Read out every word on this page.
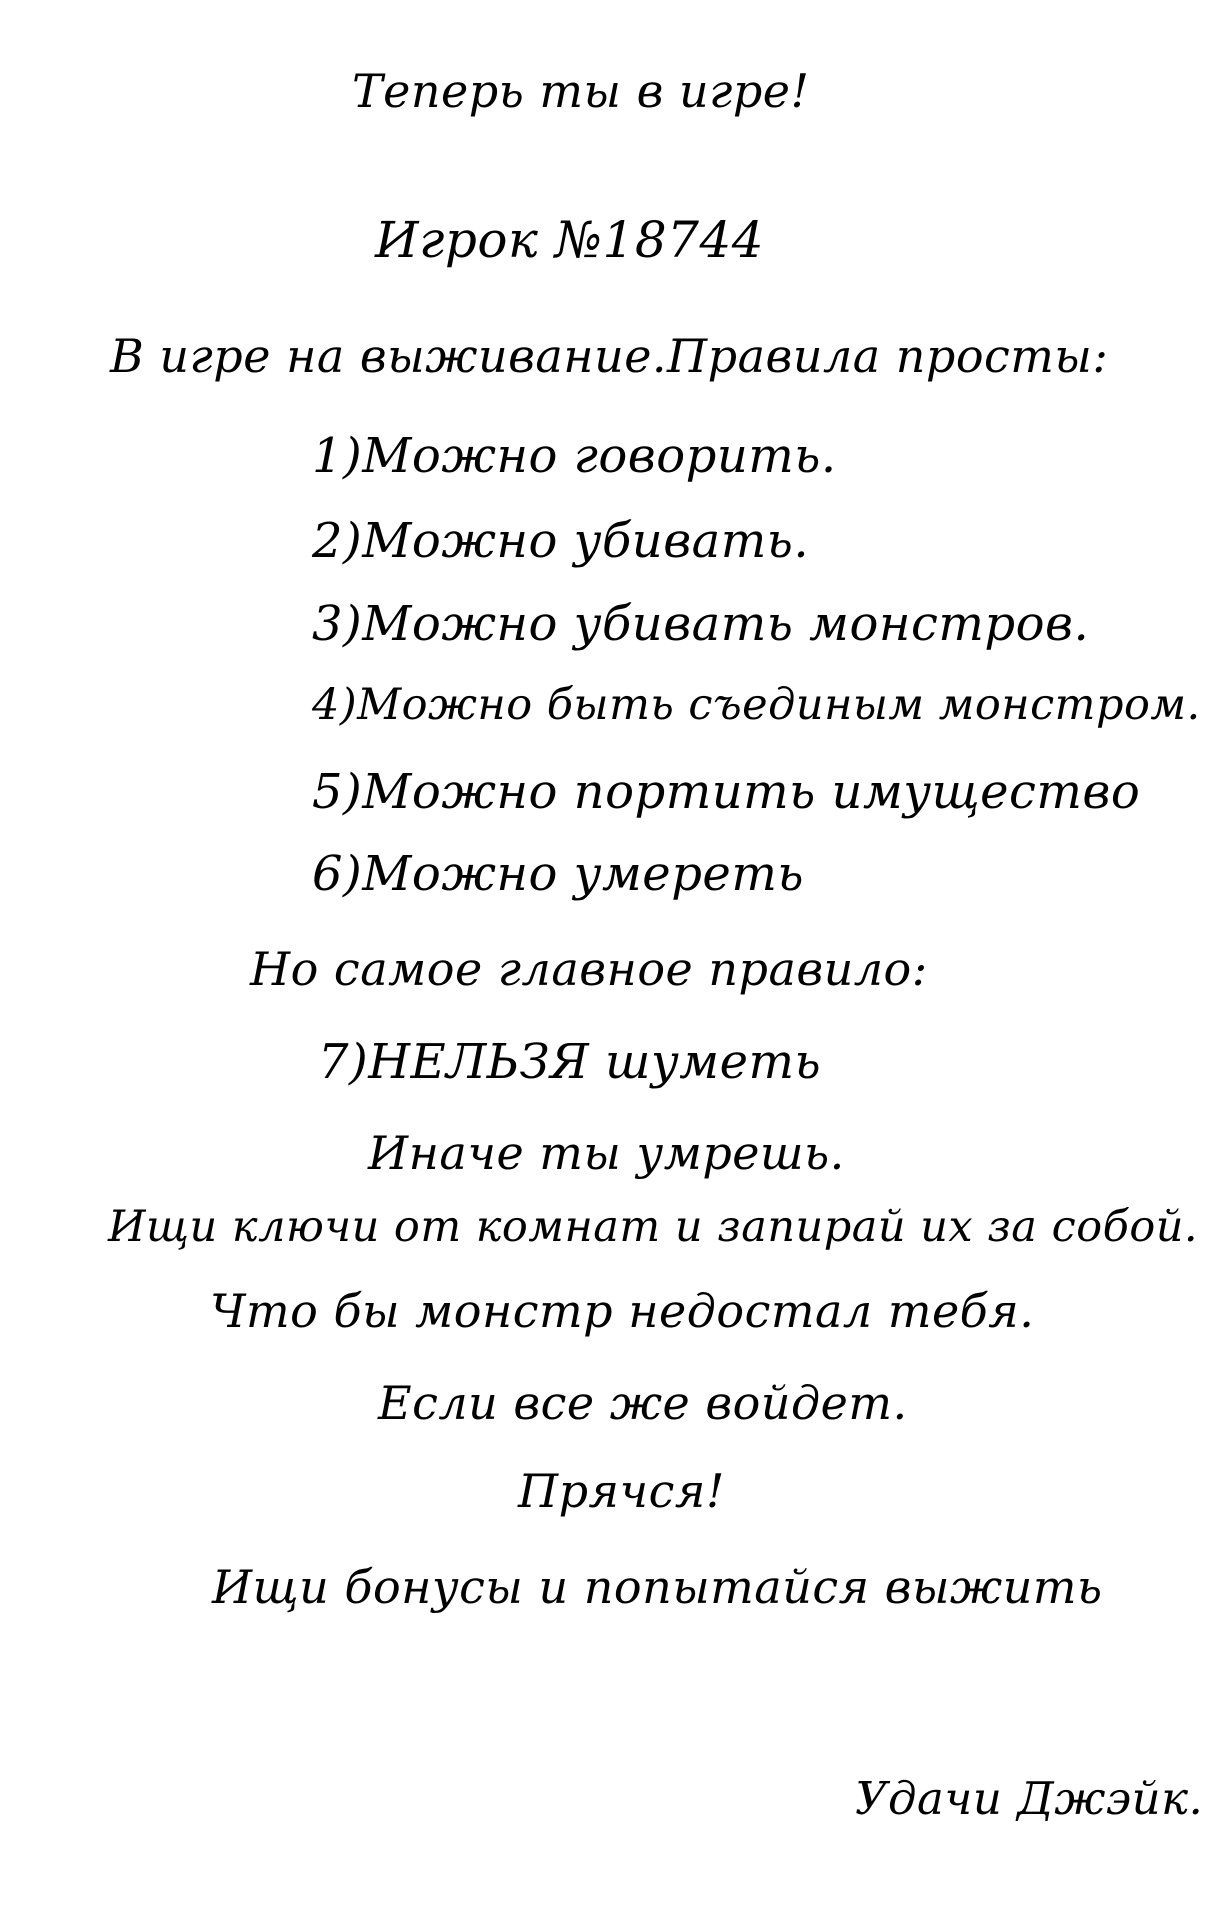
Теперь ты в игре!
Игрок №18744
В игре на выживание.Правила просты:
1)Можно говорить.
2)Можно убивать.
3)Можно убивать монстров.
4)Можно быть съединым монстром.
5)Можно портить имущество
6)Можно умереть
Но самое главное правило:
7)НЕЛЬЗЯ шуметь
Иначе ты умрешь.
Ищи ключи от комнат и запирай их за собой.
Что бы монстр недостал тебя.
Если все же войдет.
Прячся!
Ищи бонусы и попытайся выжить
Удачи Джэйк.
